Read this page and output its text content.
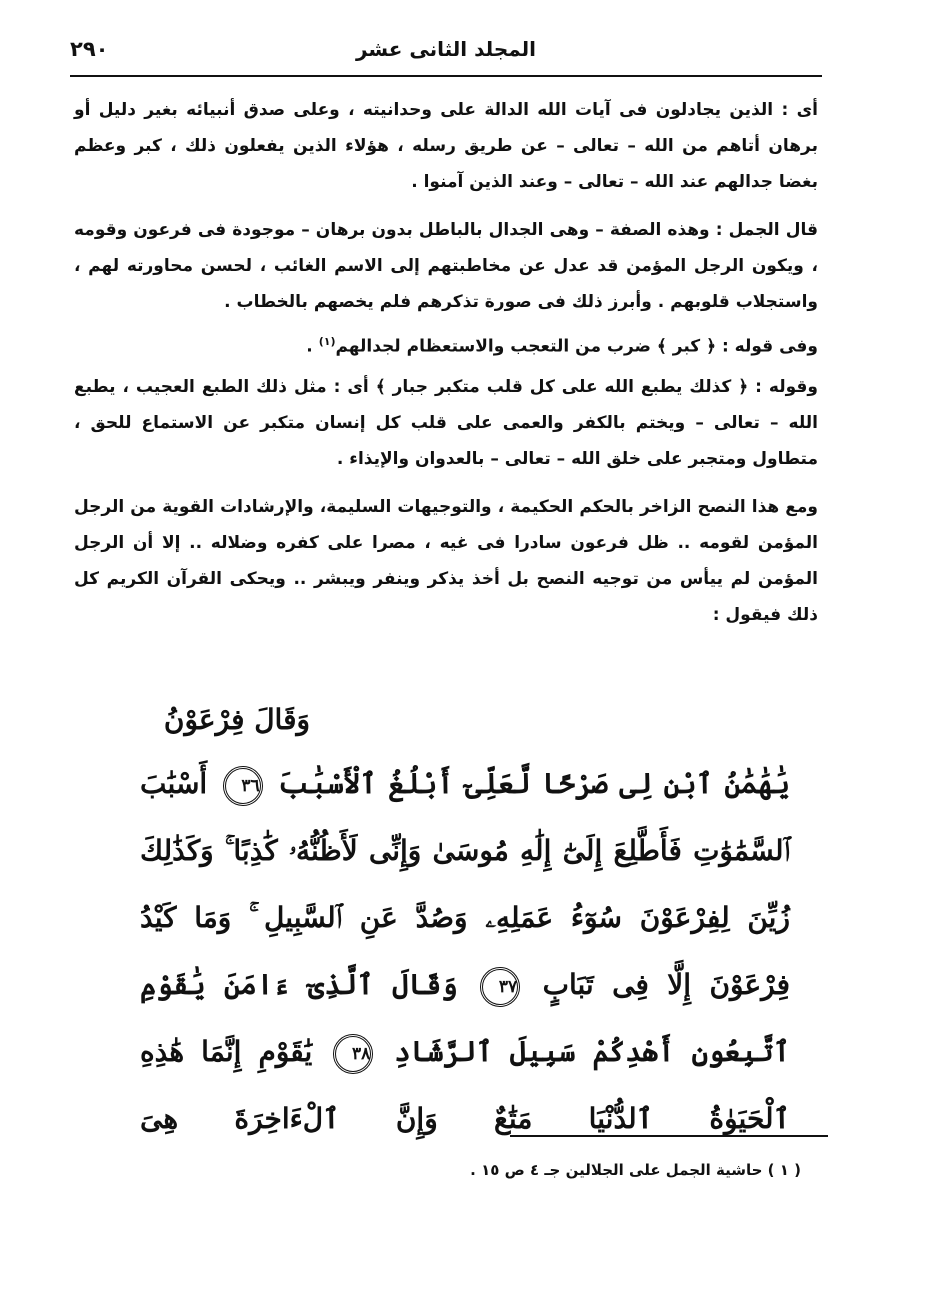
٢٩٠	المجلد الثانى عشر

أى : الذين يجادلون فى آيات الله الدالة على وحدانيته ، وعلى صدق أنبيائه بغير دليل أو برهان أتاهم من الله – تعالى – عن طريق رسله ، هؤلاء الذين يفعلون ذلك ، كبر وعظم بغضا جدالهم عند الله – تعالى – وعند الذين آمنوا .

قال الجمل : وهذه الصفة – وهى الجدال بالباطل بدون برهان – موجودة فى فرعون وقومه ، ويكون الرجل المؤمن قد عدل عن مخاطبتهم إلى الاسم الغائب ، لحسن محاورته لهم ، واستجلاب قلوبهم . وأبرز ذلك فى صورة تذكرهم فلم يخصهم بالخطاب .

وفى قوله : ﴿ كبر ﴾ ضرب من التعجب والاستعظام لجدالهم$^{(١)}$ .

وقوله : ﴿ كذلك يطبع الله على كل قلب متكبر جبار ﴾ أى : مثل ذلك الطبع العجيب ، يطبع الله – تعالى – ويختم بالكفر والعمى على قلب كل إنسان متكبر عن الاستماع للحق ، متطاول ومتجبر على خلق الله – تعالى – بالعدوان والإيذاء .

ومع هذا النصح الزاخر بالحكم الحكيمة ، والتوجيهات السليمة، والإرشادات القوية من الرجل المؤمن لقومه .. ظل فرعون سادرا فى غيه ، مصرا على كفره وضلاله .. إلا أن الرجل المؤمن لم ييأس من توجيه النصح بل أخذ يذكر وينفر ويبشر .. ويحكى القرآن الكريم كل ذلك فيقول :

وَقَالَ فِرْعَوْنُ
يَٰهَٰمَٰنُ ٱبْنِ لِى صَرْحًا لَّعَلِّىٓ أَبْلُغُ ٱلْأَسْبَٰبَ ٣٦ أَسْبَٰبَ ٱلسَّمَٰوَٰتِ فَأَطَّلِعَ إِلَىٰٓ إِلَٰهِ مُوسَىٰ وَإِنِّى لَأَظُنُّهُۥ كَٰذِبًا ۚ وَكَذَٰلِكَ زُيِّنَ لِفِرْعَوْنَ سُوٓءُ عَمَلِهِۦ وَصُدَّ عَنِ ٱلسَّبِيلِ ۚ وَمَا كَيْدُ فِرْعَوْنَ إِلَّا فِى تَبَابٍ ٣٧ وَقَالَ ٱلَّذِىٓ ءَامَنَ يَٰقَوْمِ ٱتَّبِعُونِ أَهْدِكُمْ سَبِيلَ ٱلرَّشَادِ ٣٨ يَٰقَوْمِ إِنَّمَا هَٰذِهِ ٱلْحَيَوٰةُ ٱلدُّنْيَا مَتَٰعٌ وَإِنَّ ٱلْءَاخِرَةَ هِىَ
( ١ ) حاشية الجمل على الجلالين جـ ٤ ص ١٥ .
